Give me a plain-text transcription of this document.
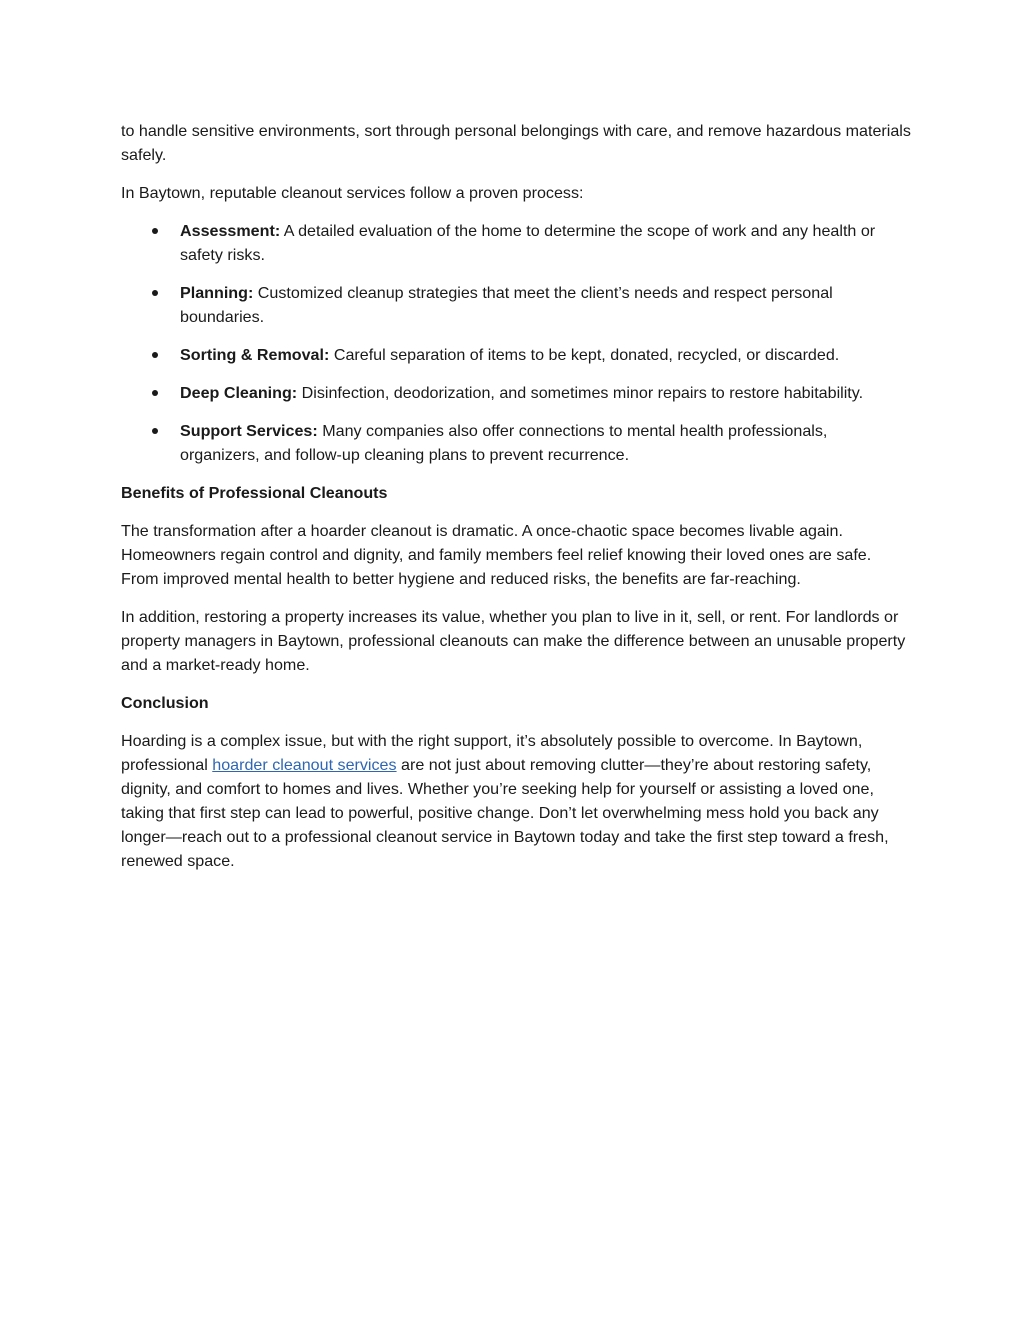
to handle sensitive environments, sort through personal belongings with care, and remove hazardous materials safely.

In Baytown, reputable cleanout services follow a proven process:

Assessment: A detailed evaluation of the home to determine the scope of work and any health or safety risks.
Planning: Customized cleanup strategies that meet the client’s needs and respect personal boundaries.
Sorting & Removal: Careful separation of items to be kept, donated, recycled, or discarded.
Deep Cleaning: Disinfection, deodorization, and sometimes minor repairs to restore habitability.
Support Services: Many companies also offer connections to mental health professionals, organizers, and follow-up cleaning plans to prevent recurrence.

Benefits of Professional Cleanouts

The transformation after a hoarder cleanout is dramatic. A once-chaotic space becomes livable again. Homeowners regain control and dignity, and family members feel relief knowing their loved ones are safe. From improved mental health to better hygiene and reduced risks, the benefits are far-reaching.

In addition, restoring a property increases its value, whether you plan to live in it, sell, or rent. For landlords or property managers in Baytown, professional cleanouts can make the difference between an unusable property and a market-ready home.

Conclusion

Hoarding is a complex issue, but with the right support, it’s absolutely possible to overcome. In Baytown, professional hoarder cleanout services are not just about removing clutter—they’re about restoring safety, dignity, and comfort to homes and lives. Whether you’re seeking help for yourself or assisting a loved one, taking that first step can lead to powerful, positive change. Don’t let overwhelming mess hold you back any longer—reach out to a professional cleanout service in Baytown today and take the first step toward a fresh, renewed space.
